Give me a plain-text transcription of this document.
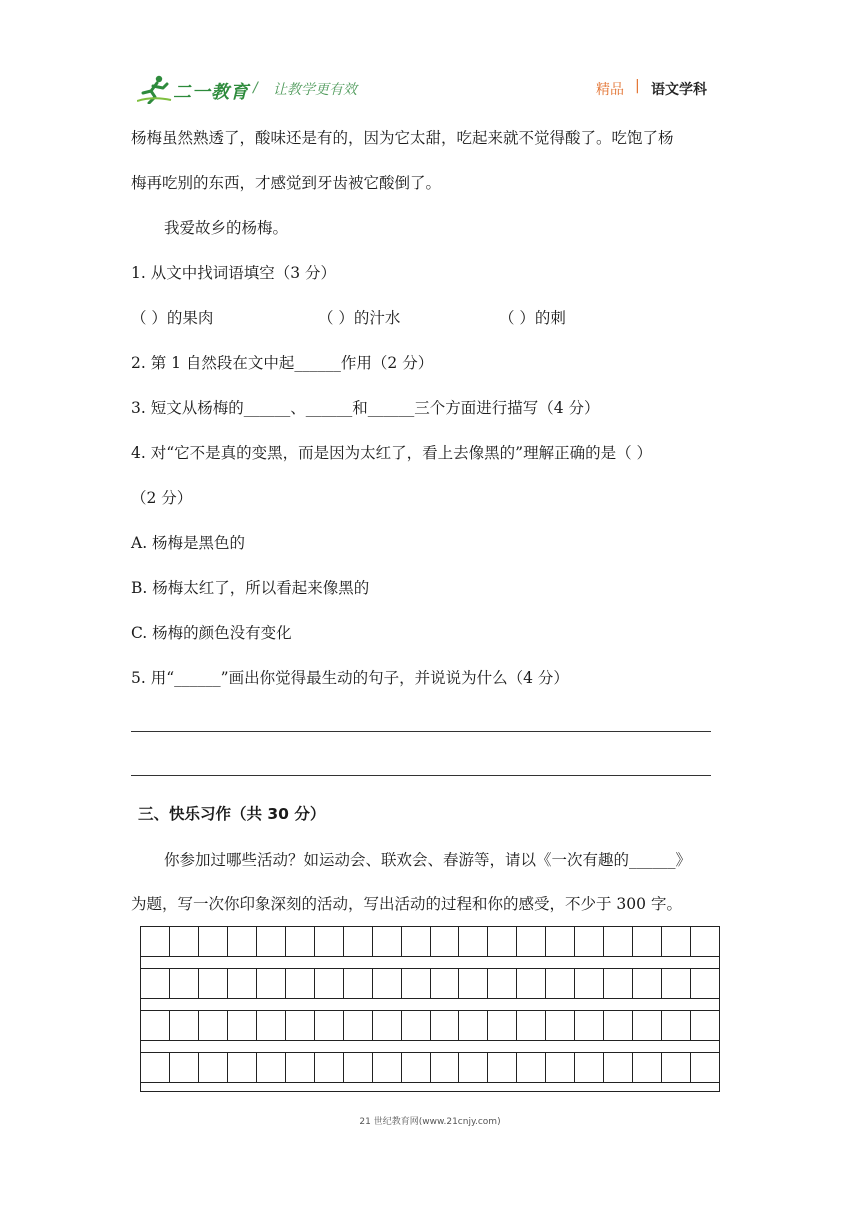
二一教育 / 让教学更有效	精品 | 语文学科
杨梅虽然熟透了，酸味还是有的，因为它太甜，吃起来就不觉得酸了。吃饱了杨
梅再吃别的东西，才感觉到牙齿被它酸倒了。
我爱故乡的杨梅。
1. 从文中找词语填空（3 分）
（ ）的果肉	（ ）的汁水	（ ）的刺
2. 第 1 自然段在文中起______作用（2 分）
3. 短文从杨梅的______、______和______三个方面进行描写（4 分）
4. 对“它不是真的变黑，而是因为太红了，看上去像黑的”理解正确的是（ ）
（2 分）
A. 杨梅是黑色的
B. 杨梅太红了，所以看起来像黑的
C. 杨梅的颜色没有变化
5. 用“______”画出你觉得最生动的句子，并说说为什么（4 分）
三、快乐习作（共 30 分）
你参加过哪些活动？如运动会、联欢会、春游等，请以《一次有趣的______》
为题，写一次你印象深刻的活动，写出活动的过程和你的感受，不少于 300 字。
21 世纪教育网(www.21cnjy.com)
